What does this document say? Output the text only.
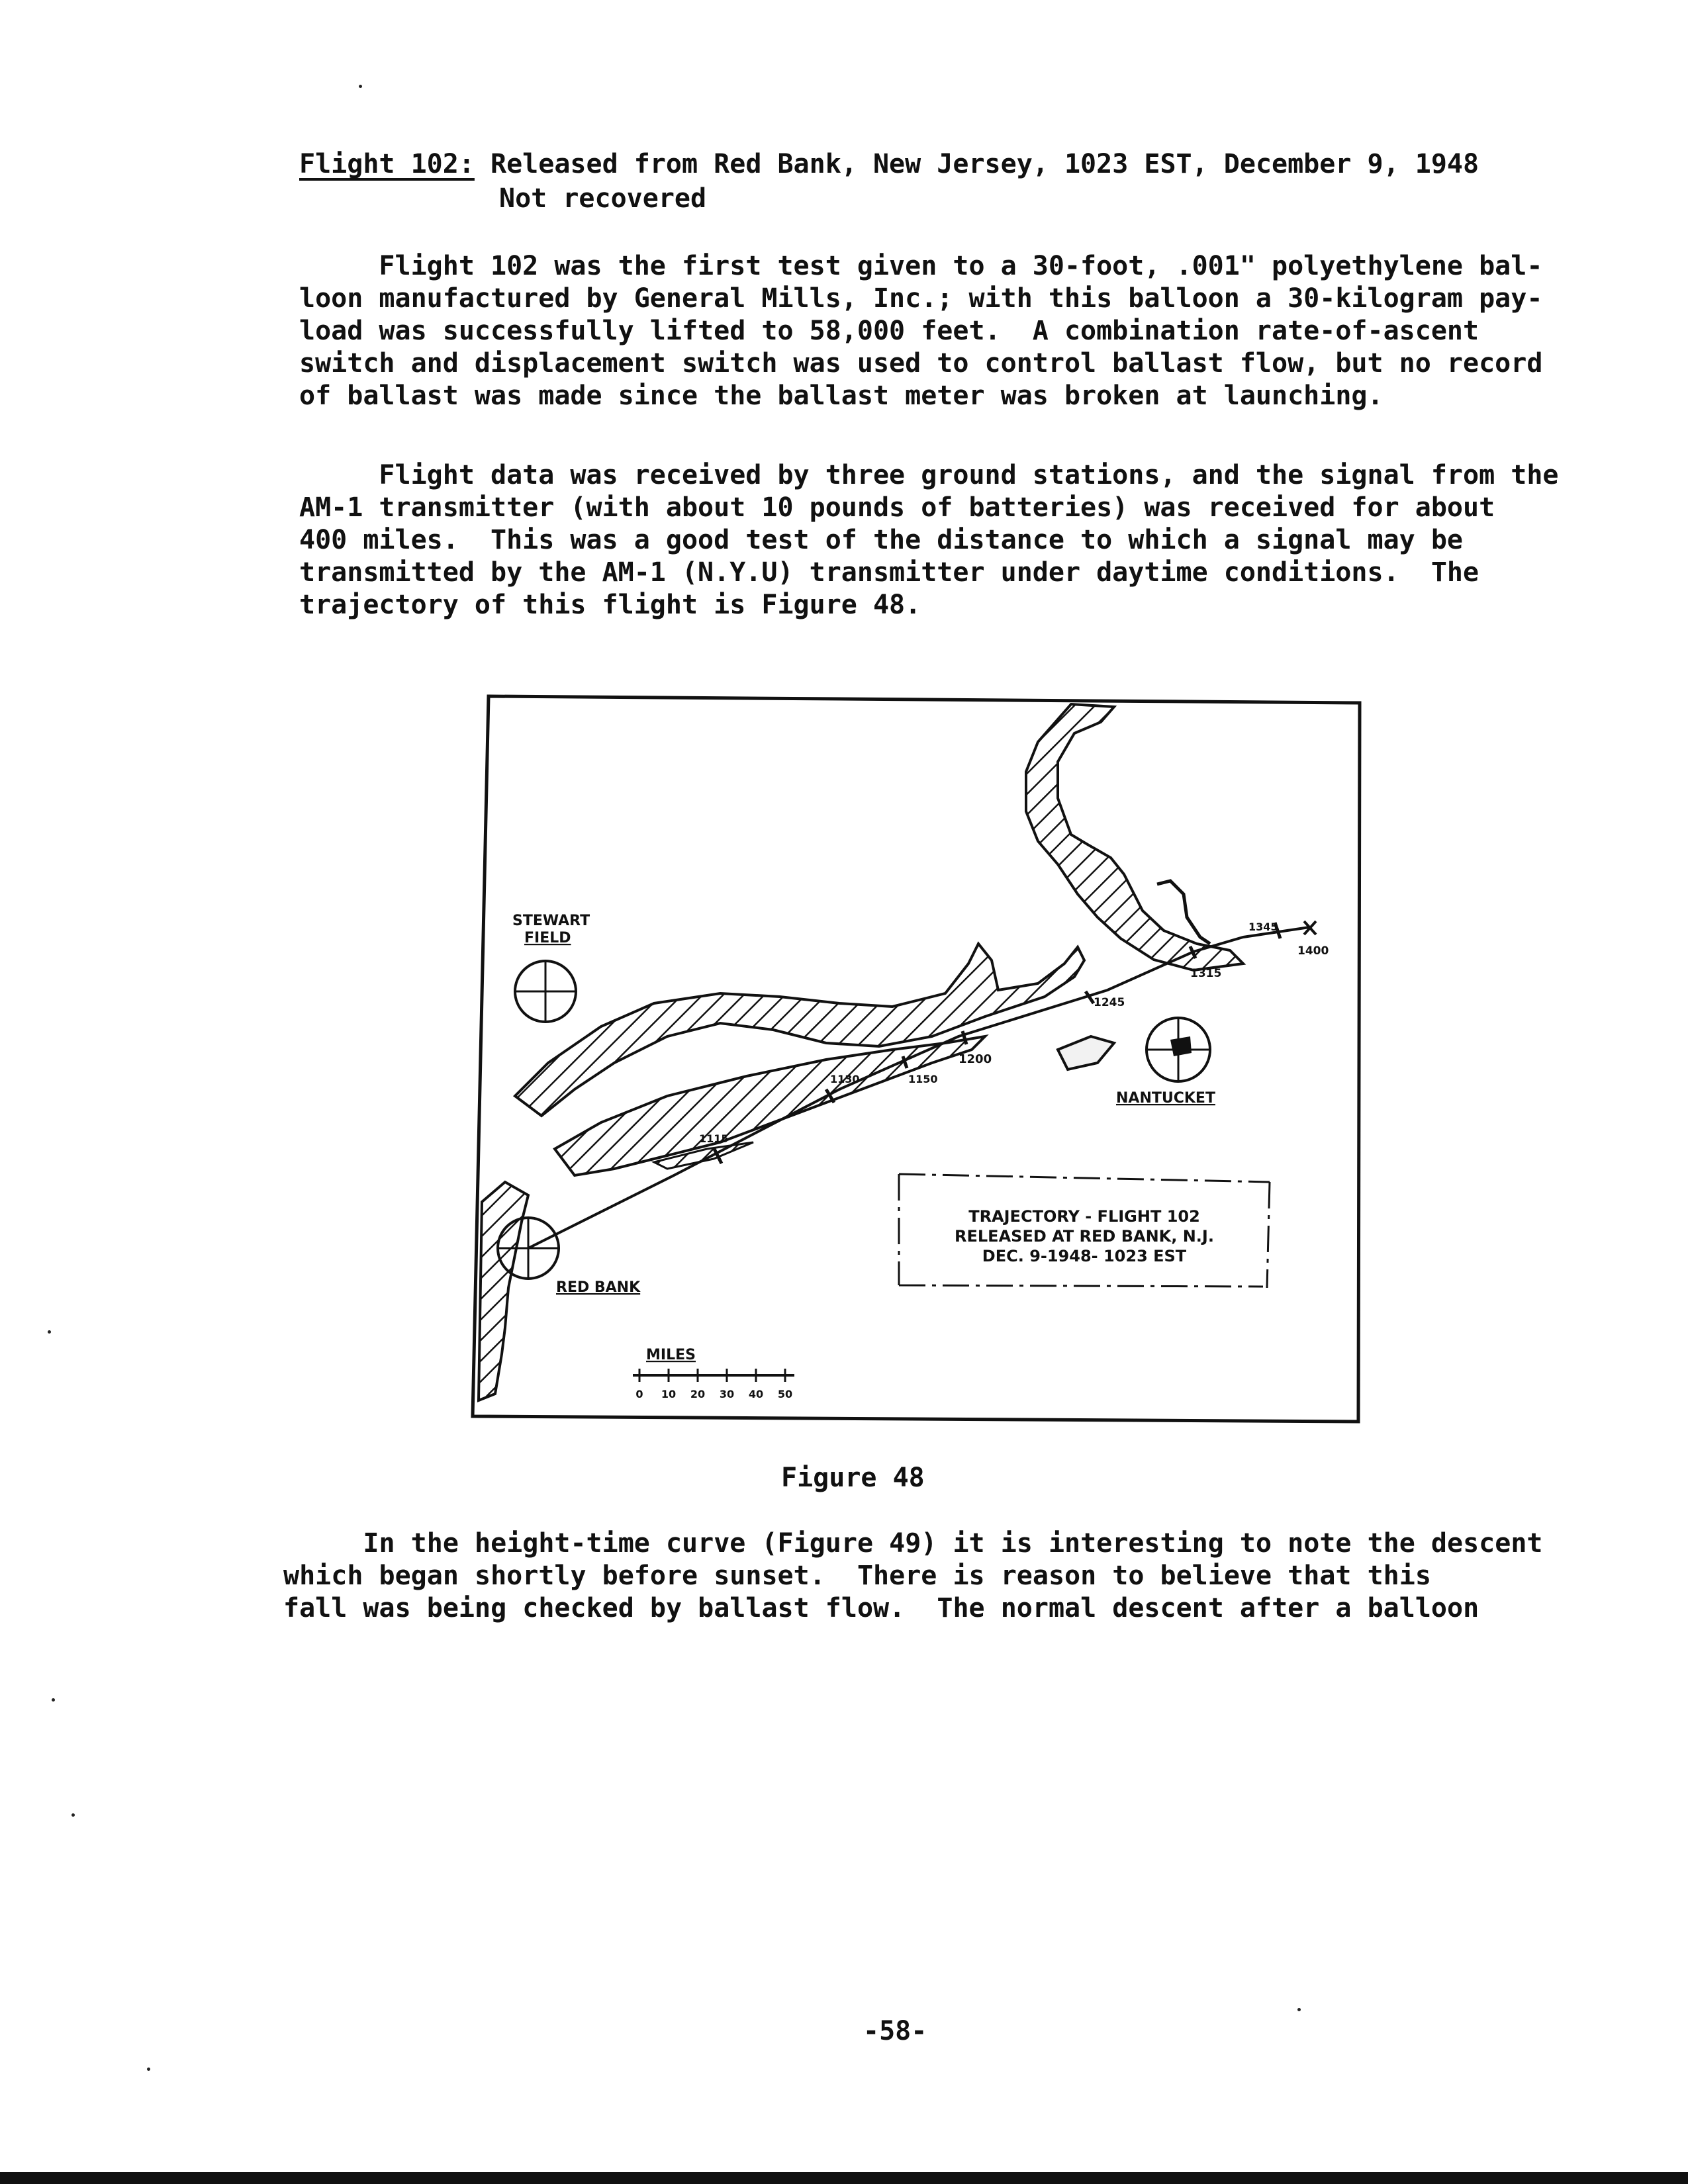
Flight 102: Released from Red Bank, New Jersey, 1023 EST, December 9, 1948
Not recovered
Flight 102 was the first test given to a 30-foot, .001" polyethylene bal-
loon manufactured by General Mills, Inc.; with this balloon a 30-kilogram pay-
load was successfully lifted to 58,000 feet.  A combination rate-of-ascent
switch and displacement switch was used to control ballast flow, but no record
of ballast was made since the ballast meter was broken at launching.
Flight data was received by three ground stations, and the signal from the
AM-1 transmitter (with about 10 pounds of batteries) was received for about
400 miles.  This was a good test of the distance to which a signal may be
transmitted by the AM-1 (N.Y.U) transmitter under daytime conditions.  The
trajectory of this flight is Figure 48.
1115
1130	1150
1200
1245
1315
1345
1400
STEWART
FIELD
NANTUCKET
RED BANK
TRAJECTORY - FLIGHT 102
RELEASED AT RED BANK, N.J.
DEC. 9-1948- 1023 EST
MILES
0 10 20 30 40 50
Figure 48
In the height-time curve (Figure 49) it is interesting to note the descent
which began shortly before sunset.  There is reason to believe that this
fall was being checked by ballast flow.  The normal descent after a balloon
-58-
